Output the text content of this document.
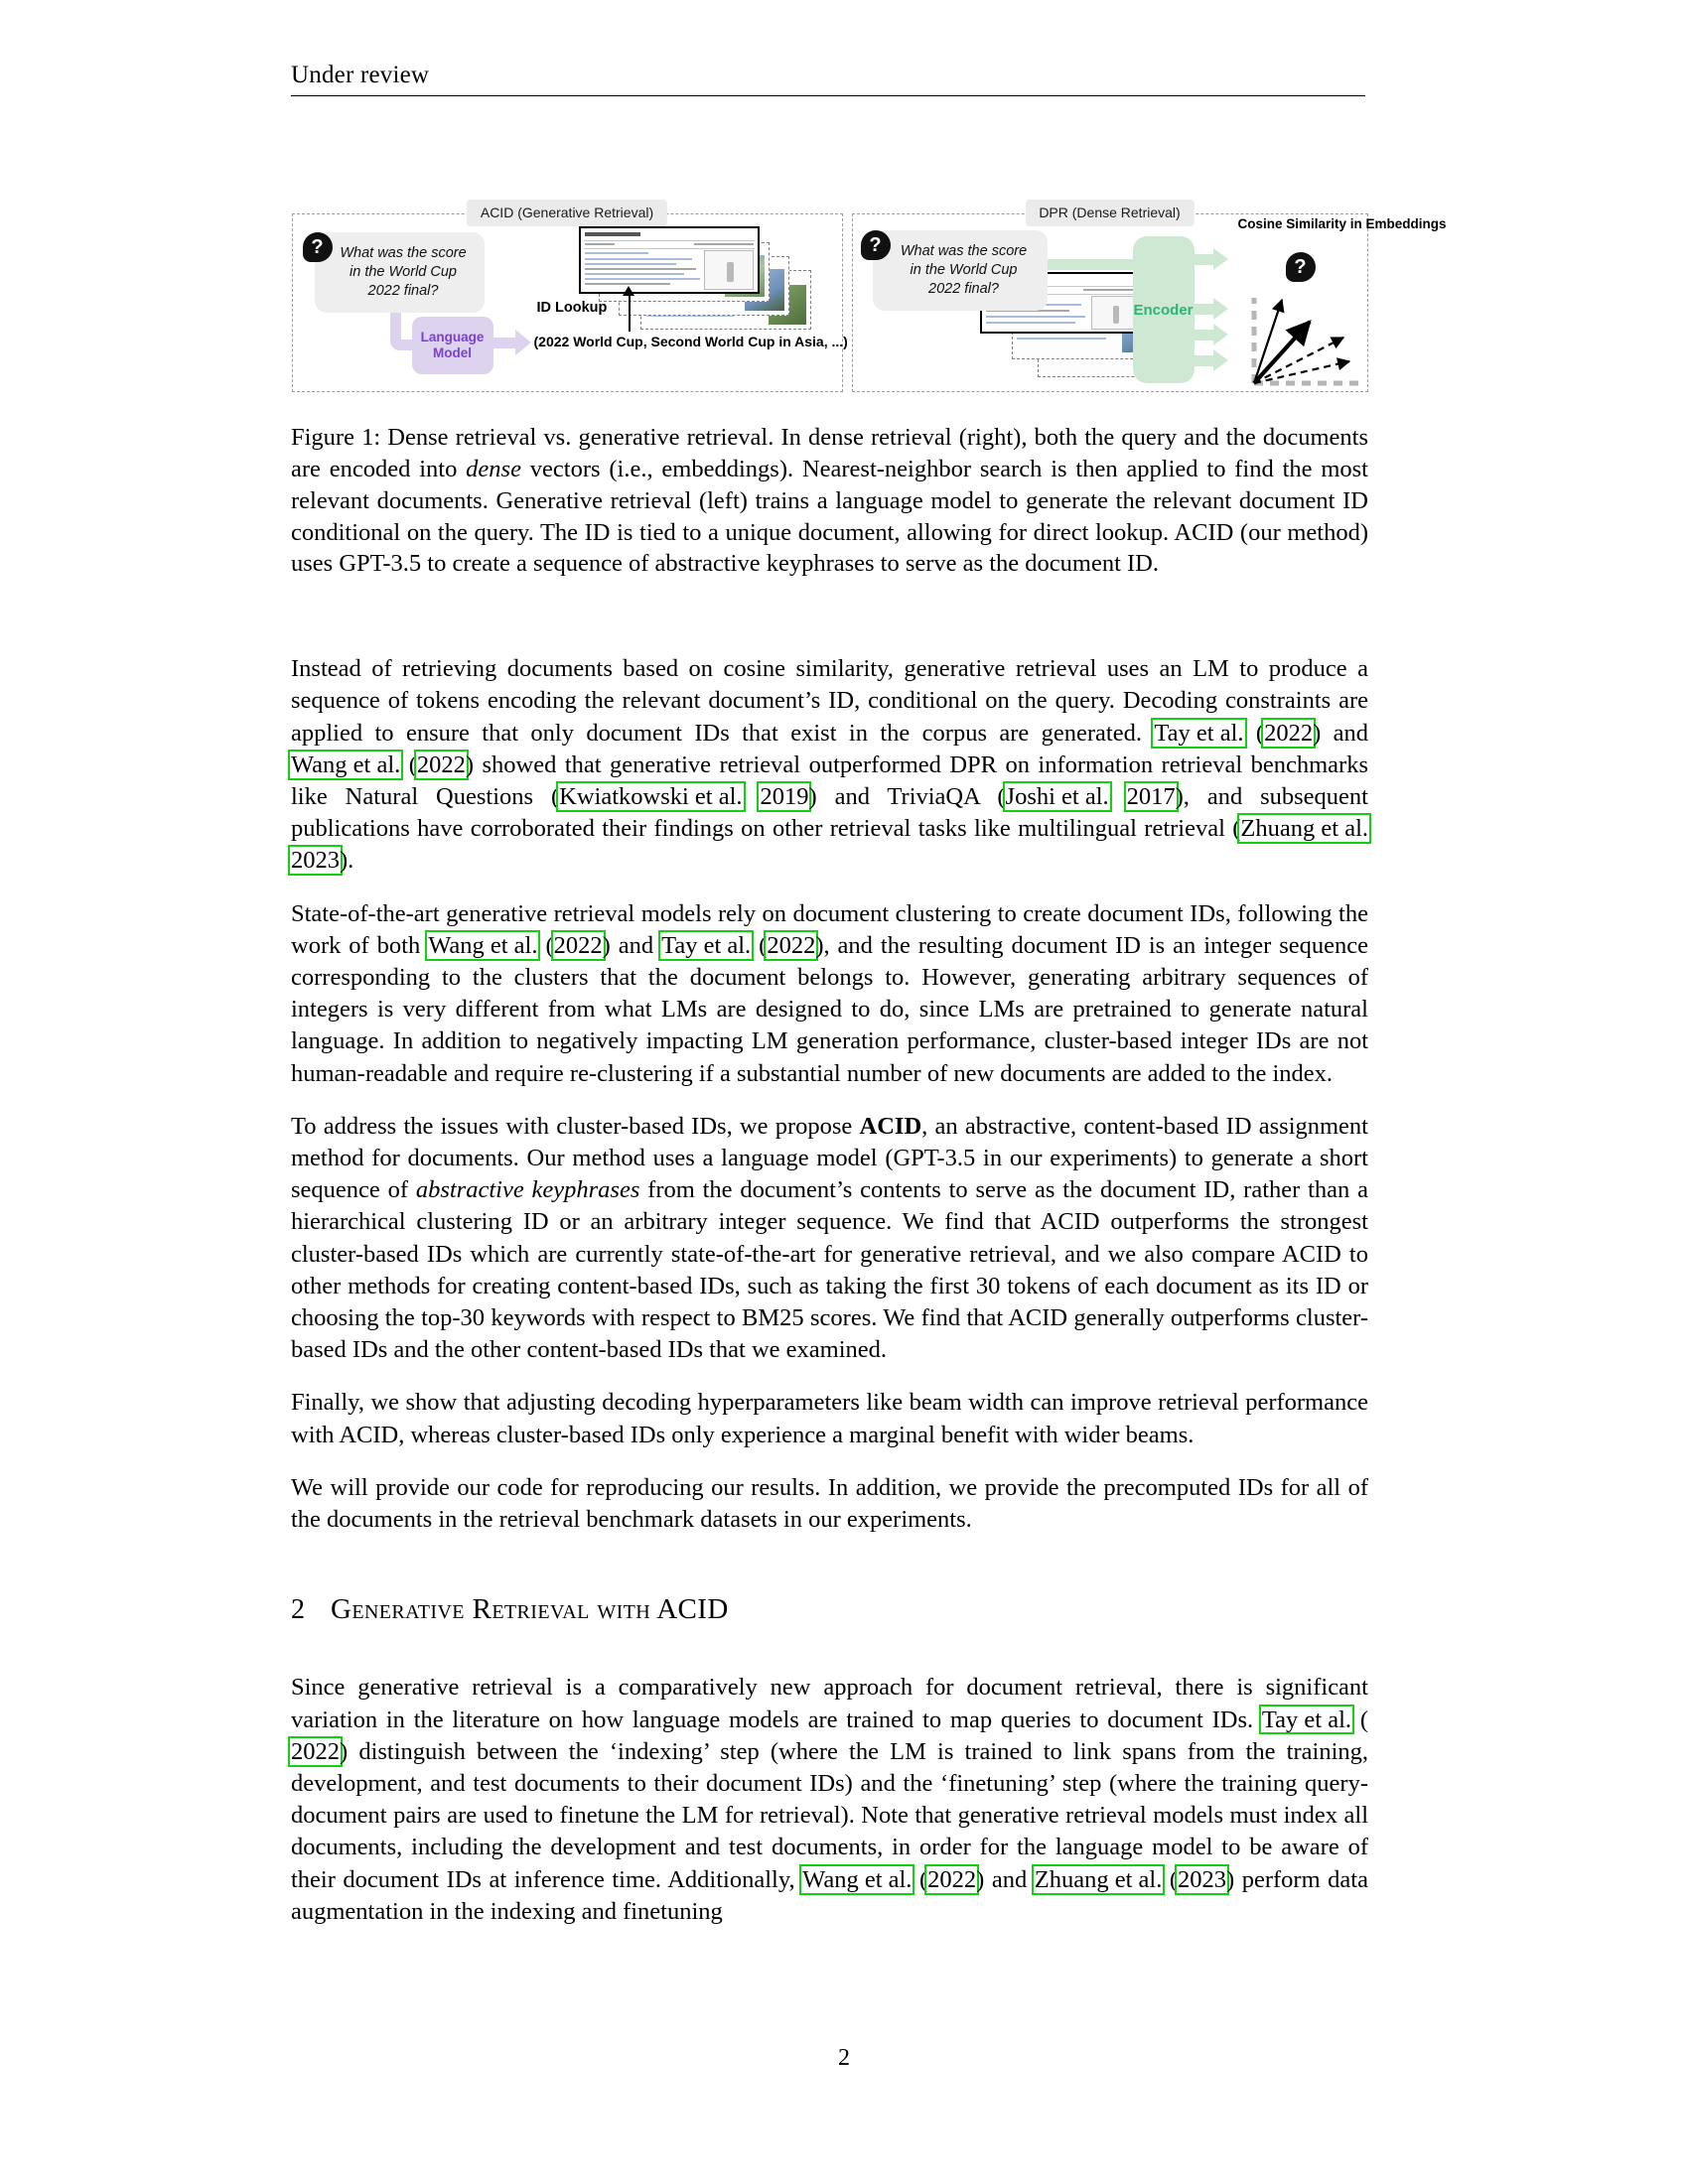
Under review
ACID (Generative Retrieval)
?	What was the score in the World Cup 2022 final?
Language Model
(2022 World Cup, Second World Cup in Asia, ...)
ID Lookup
DPR (Dense Retrieval)
?	What was the score in the World Cup 2022 final?
Encoder
Cosine Similarity in Embeddings
?
Figure 1: Dense retrieval vs. generative retrieval. In dense retrieval (right), both the query and the documents are encoded into dense vectors (i.e., embeddings). Nearest-neighbor search is then applied to find the most relevant documents. Generative retrieval (left) trains a language model to generate the relevant document ID conditional on the query. The ID is tied to a unique document, allowing for direct lookup. ACID (our method) uses GPT-3.5 to create a sequence of abstractive keyphrases to serve as the document ID.

Instead of retrieving documents based on cosine similarity, generative retrieval uses an LM to produce a sequence of tokens encoding the relevant document’s ID, conditional on the query. Decoding constraints are applied to ensure that only document IDs that exist in the corpus are generated. Tay et al. (2022) and Wang et al. (2022) showed that generative retrieval outperformed DPR on information retrieval benchmarks like Natural Questions (Kwiatkowski et al. 2019) and TriviaQA (Joshi et al. 2017), and subsequent publications have corroborated their findings on other retrieval tasks like multilingual retrieval (Zhuang et al. 2023).

State-of-the-art generative retrieval models rely on document clustering to create document IDs, following the work of both Wang et al. (2022) and Tay et al. (2022), and the resulting document ID is an integer sequence corresponding to the clusters that the document belongs to. However, generating arbitrary sequences of integers is very different from what LMs are designed to do, since LMs are pretrained to generate natural language. In addition to negatively impacting LM generation performance, cluster-based integer IDs are not human-readable and require re-clustering if a substantial number of new documents are added to the index.

To address the issues with cluster-based IDs, we propose ACID, an abstractive, content-based ID assignment method for documents. Our method uses a language model (GPT-3.5 in our experiments) to generate a short sequence of abstractive keyphrases from the document’s contents to serve as the document ID, rather than a hierarchical clustering ID or an arbitrary integer sequence. We find that ACID outperforms the strongest cluster-based IDs which are currently state-of-the-art for generative retrieval, and we also compare ACID to other methods for creating content-based IDs, such as taking the first 30 tokens of each document as its ID or choosing the top-30 keywords with respect to BM25 scores. We find that ACID generally outperforms cluster-based IDs and the other content-based IDs that we examined.

Finally, we show that adjusting decoding hyperparameters like beam width can improve retrieval performance with ACID, whereas cluster-based IDs only experience a marginal benefit with wider beams.

We will provide our code for reproducing our results. In addition, we provide the precomputed IDs for all of the documents in the retrieval benchmark datasets in our experiments.

2 Generative Retrieval with ACID

Since generative retrieval is a comparatively new approach for document retrieval, there is significant variation in the literature on how language models are trained to map queries to document IDs. Tay et al. (2022) distinguish between the ‘indexing’ step (where the LM is trained to link spans from the training, development, and test documents to their document IDs) and the ‘finetuning’ step (where the training query-document pairs are used to finetune the LM for retrieval). Note that generative retrieval models must index all documents, including the development and test documents, in order for the language model to be aware of their document IDs at inference time. Additionally, Wang et al. (2022) and Zhuang et al. (2023) perform data augmentation in the indexing and finetuning

2
